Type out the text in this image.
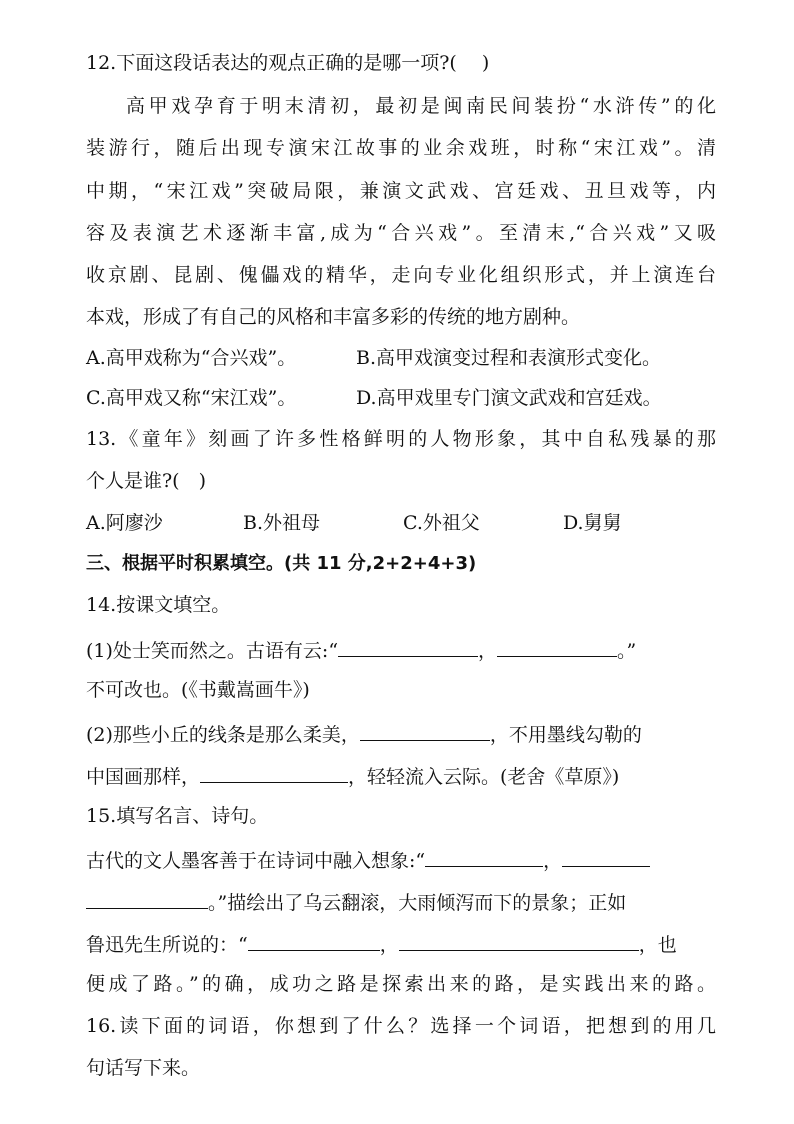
12.下面这段话表达的观点正确的是哪一项?(　 )
高甲戏孕育于明末清初，最初是闽南民间装扮“水浒传”的化
装游行，随后出现专演宋江故事的业余戏班，时称“宋江戏”。清
中期，“宋江戏”突破局限，兼演文武戏、宫廷戏、丑旦戏等，内
容及表演艺术逐渐丰富,成为“合兴戏”。至清末,“合兴戏”又吸
收京剧、昆剧、傀儡戏的精华，走向专业化组织形式，并上演连台
本戏，形成了有自己的风格和丰富多彩的传统的地方剧种。
A.高甲戏称为“合兴戏”。	B.高甲戏演变过程和表演形式变化。
C.高甲戏又称“宋江戏”。	D.高甲戏里专门演文武戏和宫廷戏。
13.《童年》刻画了许多性格鲜明的人物形象，其中自私残暴的那
个人是谁?(　)
A.阿廖沙	B.外祖母	C.外祖父	D.舅舅
三、根据平时积累填空。(共 11 分,2+2+4+3)
14.按课文填空。
(1)处士笑而然之。古语有云:“	，	。”
不可改也。(《书戴嵩画牛》)
(2)那些小丘的线条是那么柔美，	，不用墨线勾勒的
中国画那样，	，轻轻流入云际。(老舍《草原》)
15.填写名言、诗句。
古代的文人墨客善于在诗词中融入想象:“	，
。”描绘出了乌云翻滚，大雨倾泻而下的景象；正如
鲁迅先生所说的：“	，	，也
便成了路。”的确，成功之路是探索出来的路，是实践出来的路。
16.读下面的词语，你想到了什么？选择一个词语，把想到的用几
句话写下来。
